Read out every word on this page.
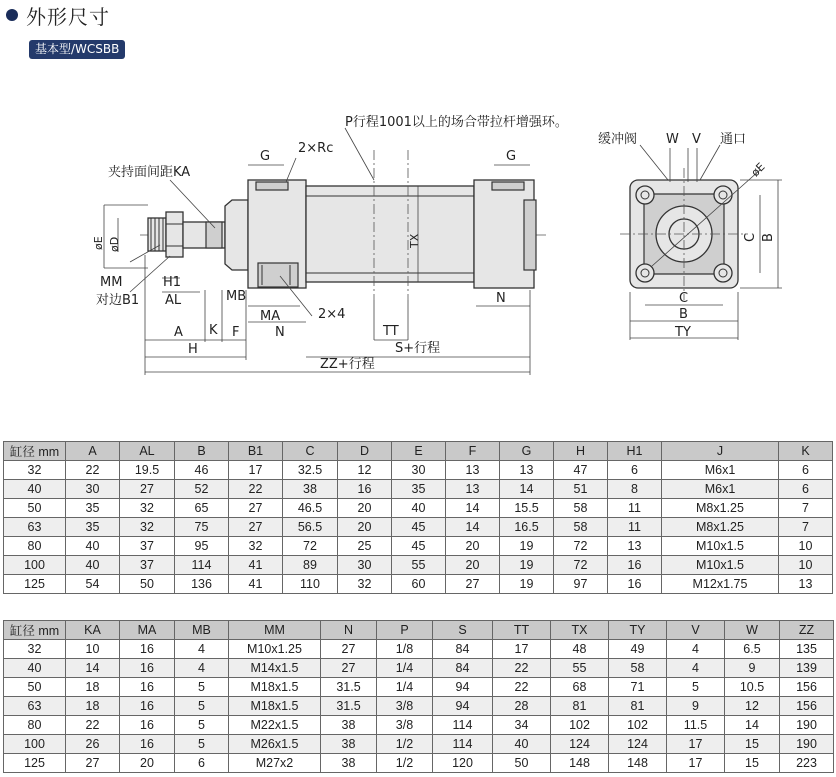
外形尺寸
基本型/WCSBB
P行程1001以上的场合带拉杆增强环。
G
2×Rc
G
夹持面间距KA
øE øD
MM	H1
对边B1 AL	MB
MA
N
2×4
N
A K F
H
TT
TX
S+行程
ZZ+行程
缓冲阀 W V 通口
øE
C B
C
B
TY
缸径 mm	A	AL	B	B1	C	D	E	F	G	H	H1	J	K
32	22	19.5	46	17	32.5	12	30	13	13	47	6	M6x1	6
40	30	27	52	22	38	16	35	13	14	51	8	M6x1	6
50	35	32	65	27	46.5	20	40	14	15.5	58	11	M8x1.25	7
63	35	32	75	27	56.5	20	45	14	16.5	58	11	M8x1.25	7
80	40	37	95	32	72	25	45	20	19	72	13	M10x1.5	10
100	40	37	114	41	89	30	55	20	19	72	16	M10x1.5	10
125	54	50	136	41	110	32	60	27	19	97	16	M12x1.75	13
缸径 mm	KA	MA	MB	MM	N	P	S	TT	TX	TY	V	W	ZZ
32	10	16	4	M10x1.25	27	1/8	84	17	48	49	4	6.5	135
40	14	16	4	M14x1.5	27	1/4	84	22	55	58	4	9	139
50	18	16	5	M18x1.5	31.5	1/4	94	22	68	71	5	10.5	156
63	18	16	5	M18x1.5	31.5	3/8	94	28	81	81	9	12	156
80	22	16	5	M22x1.5	38	3/8	114	34	102	102	11.5	14	190
100	26	16	5	M26x1.5	38	1/2	114	40	124	124	17	15	190
125	27	20	6	M27x2	38	1/2	120	50	148	148	17	15	223
